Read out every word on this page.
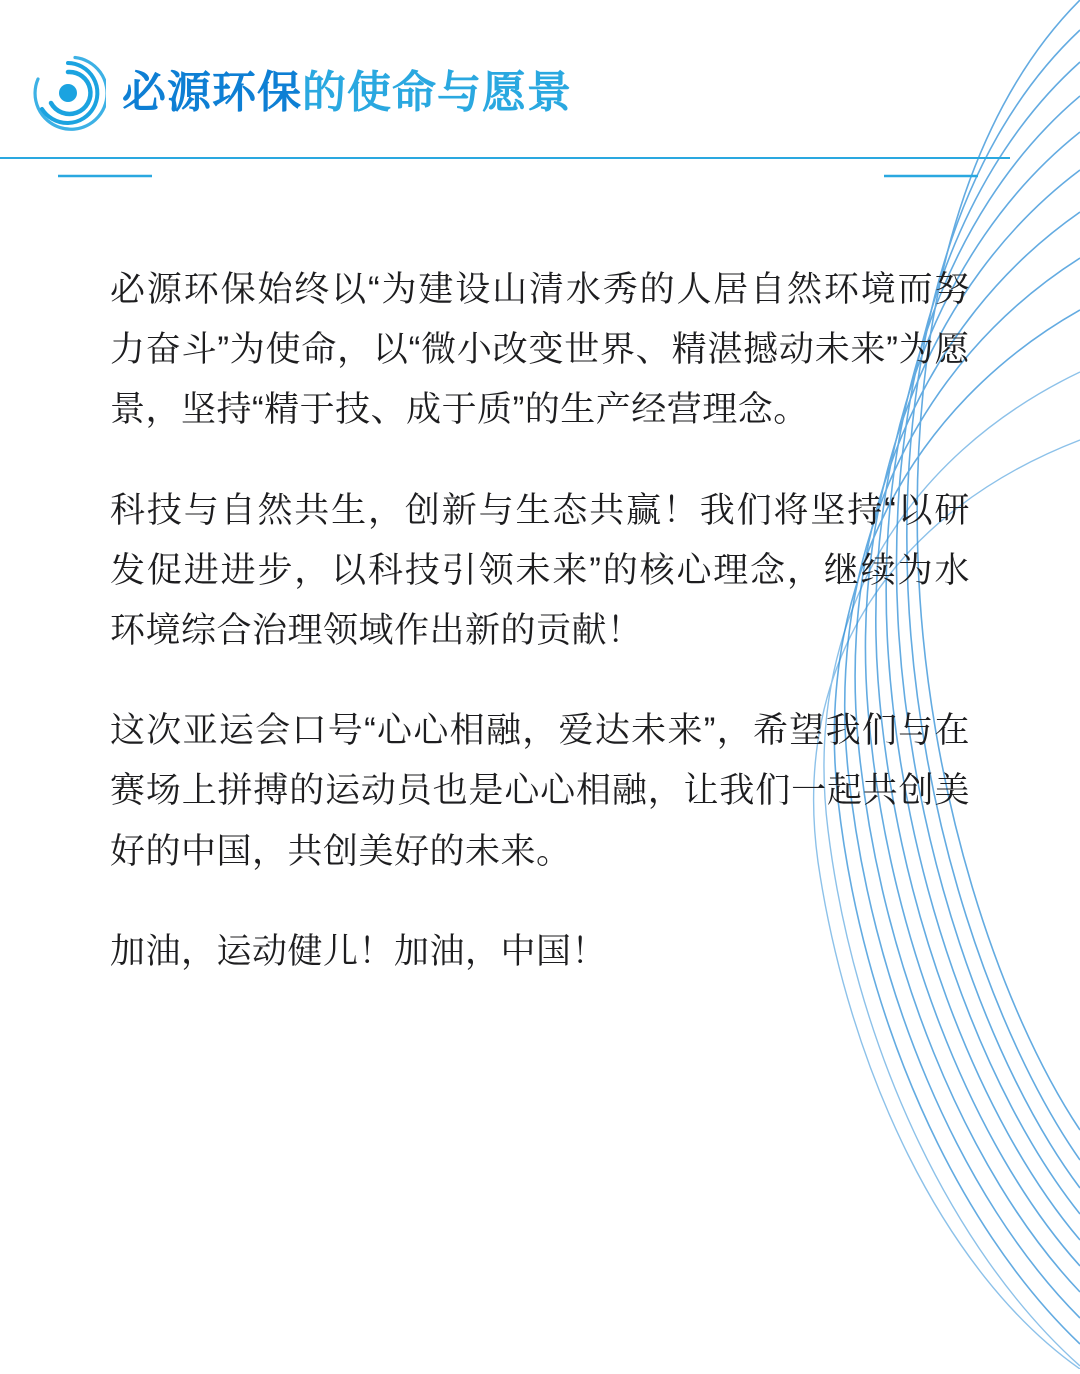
必源环保的使命与愿景

必源环保始终以“为建设山清水秀的人居自然环境而努力奋斗”为使命，以“微小改变世界、精湛撼动未来”为愿景，坚持“精于技、成于质”的生产经营理念。

科技与自然共生，创新与生态共赢！我们将坚持“以研发促进进步，以科技引领未来”的核心理念，继续为水环境综合治理领域作出新的贡献！

这次亚运会口号“心心相融，爱达未来”，希望我们与在赛场上拼搏的运动员也是心心相融，让我们一起共创美好的中国，共创美好的未来。

加油，运动健儿！加油，中国！
